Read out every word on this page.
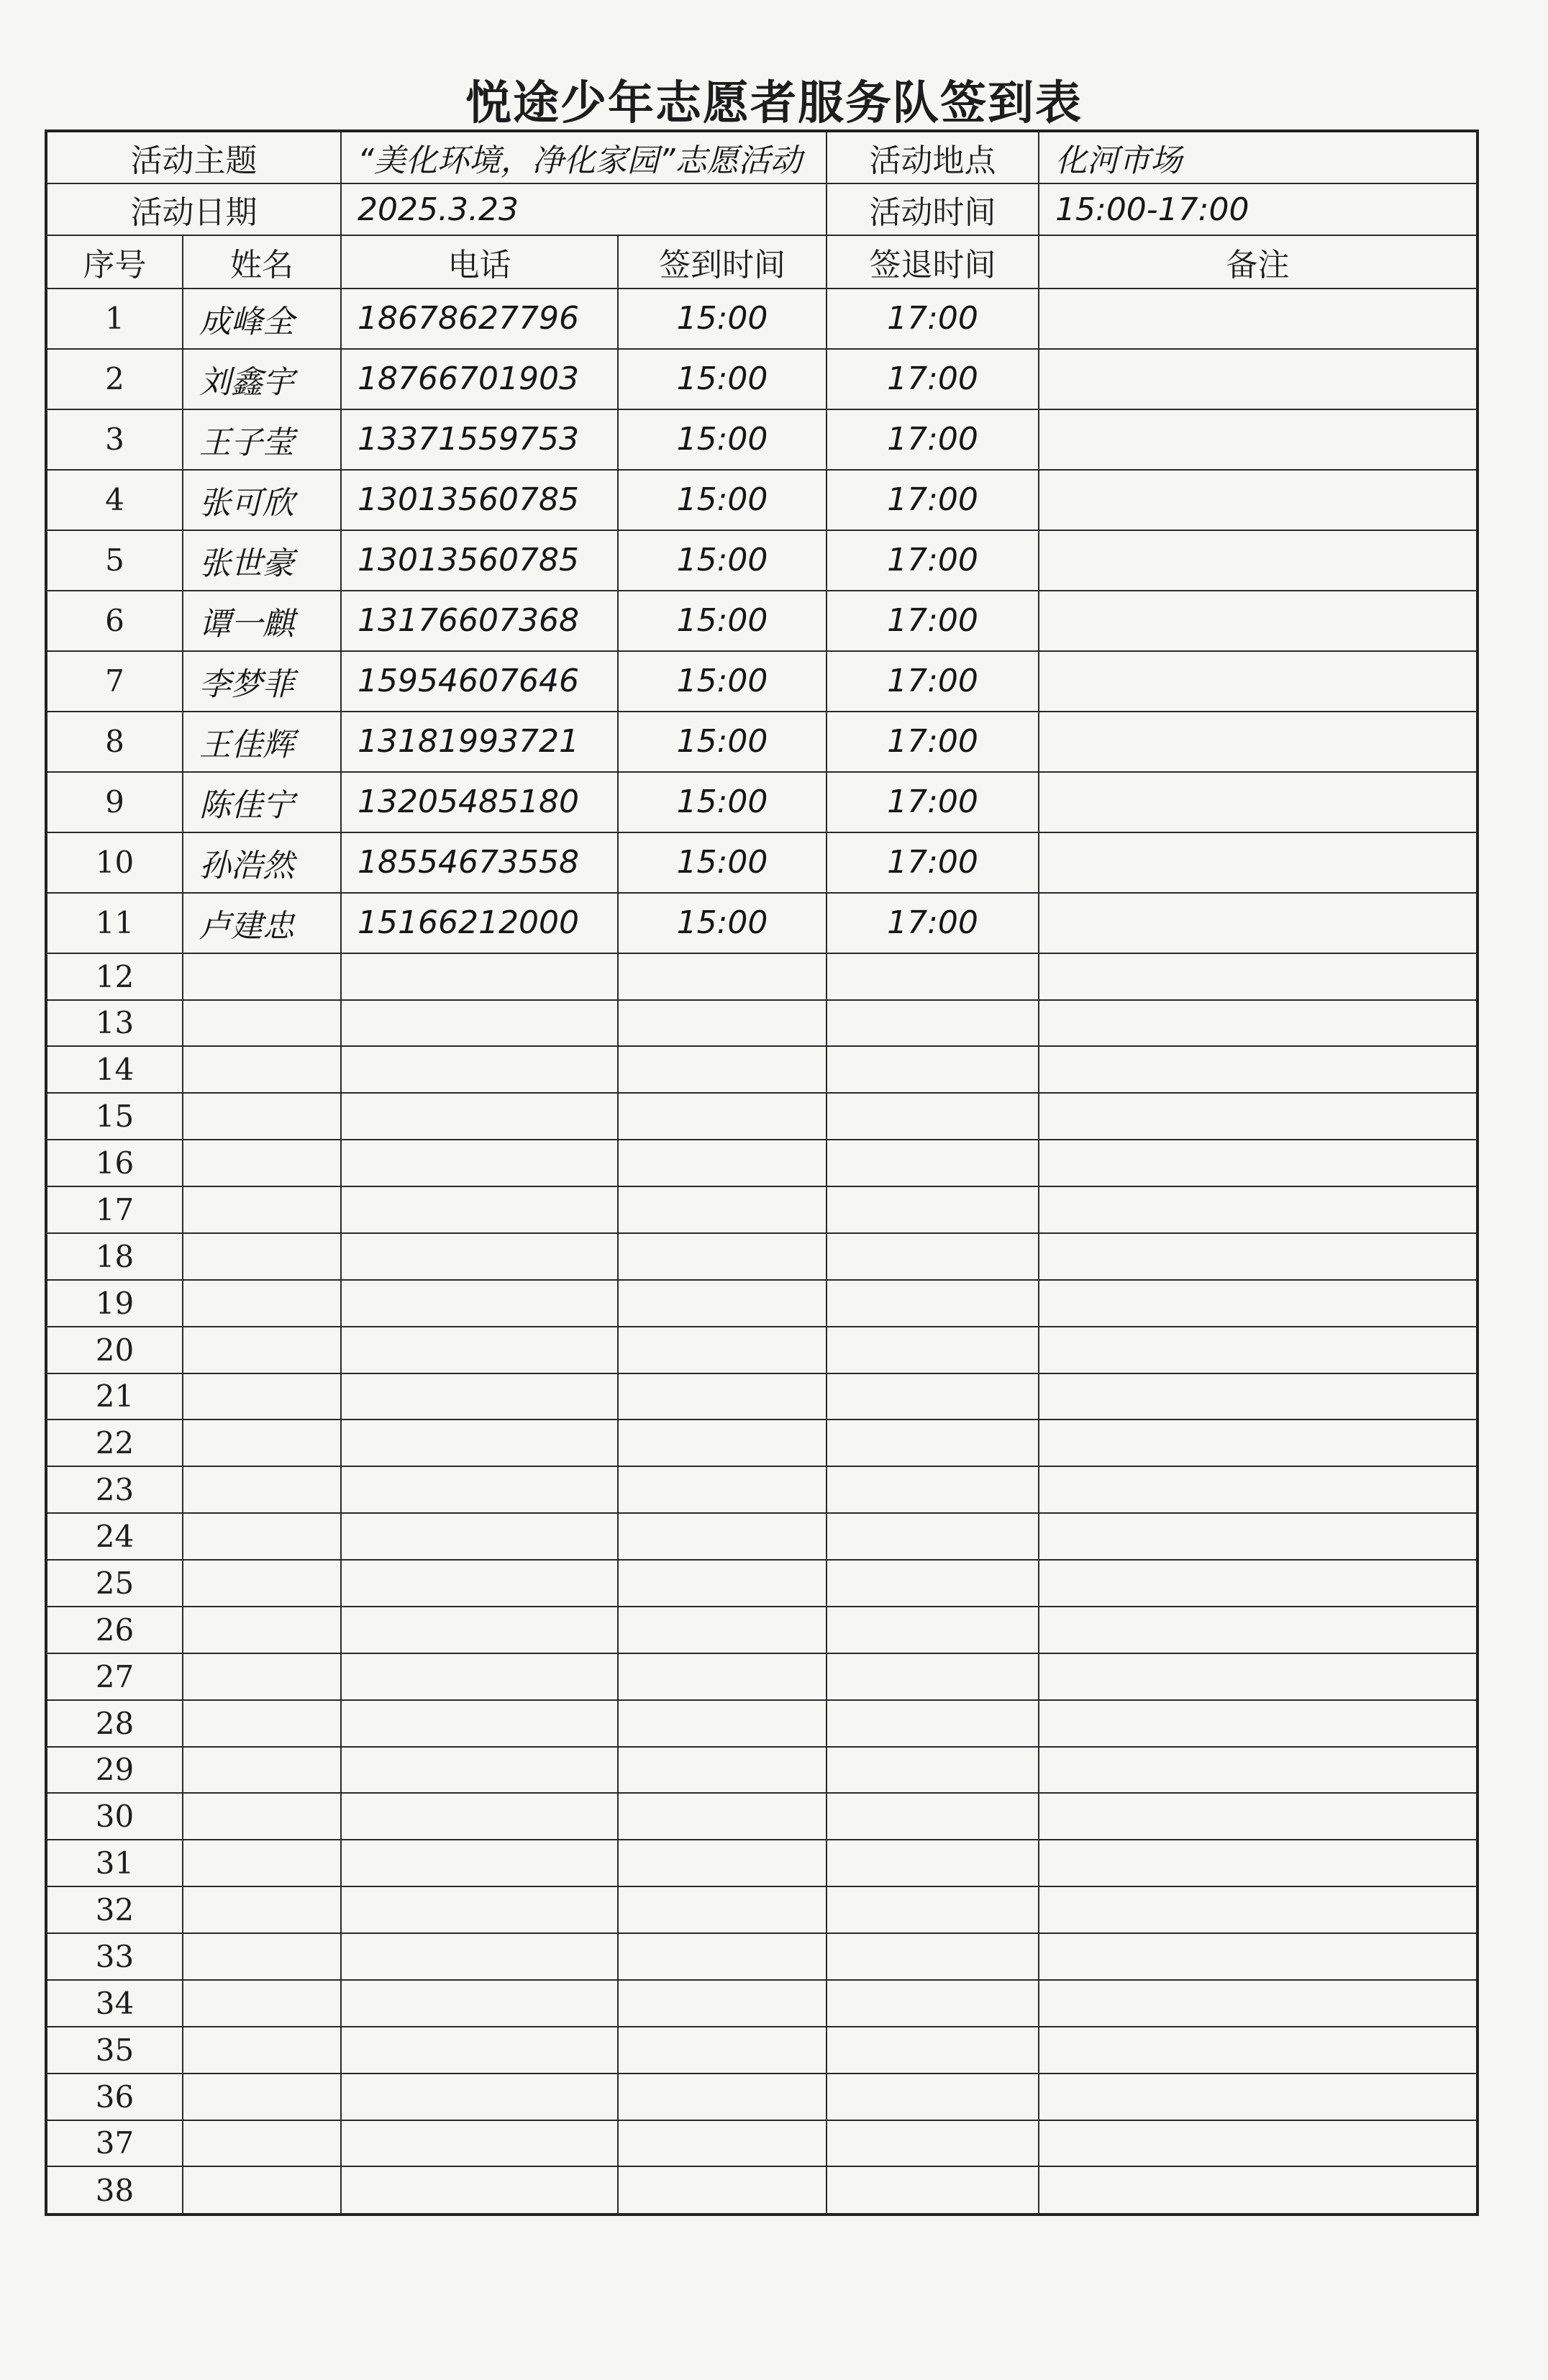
悦途少年志愿者服务队签到表
活动主题		“美化环境，净化家园”志愿活动		活动地点	化河市场
活动日期		2025.3.23		活动时间	15:00-17:00
序号	姓名	电话	签到时间	签退时间	备注
1	成峰全	18678627796	15:00	17:00	
2	刘鑫宇	18766701903	15:00	17:00	
3	王子莹	13371559753	15:00	17:00	
4	张可欣	13013560785	15:00	17:00	
5	张世豪	13013560785	15:00	17:00	
6	谭一麒	13176607368	15:00	17:00	
7	李梦菲	15954607646	15:00	17:00	
8	王佳辉	13181993721	15:00	17:00	
9	陈佳宁	13205485180	15:00	17:00	
10	孙浩然	18554673558	15:00	17:00	
11	卢建忠	15166212000	15:00	17:00	
12					
13					
14					
15					
16					
17					
18					
19					
20					
21					
22					
23					
24					
25					
26					
27					
28					
29					
30					
31					
32					
33					
34					
35					
36					
37					
38					
